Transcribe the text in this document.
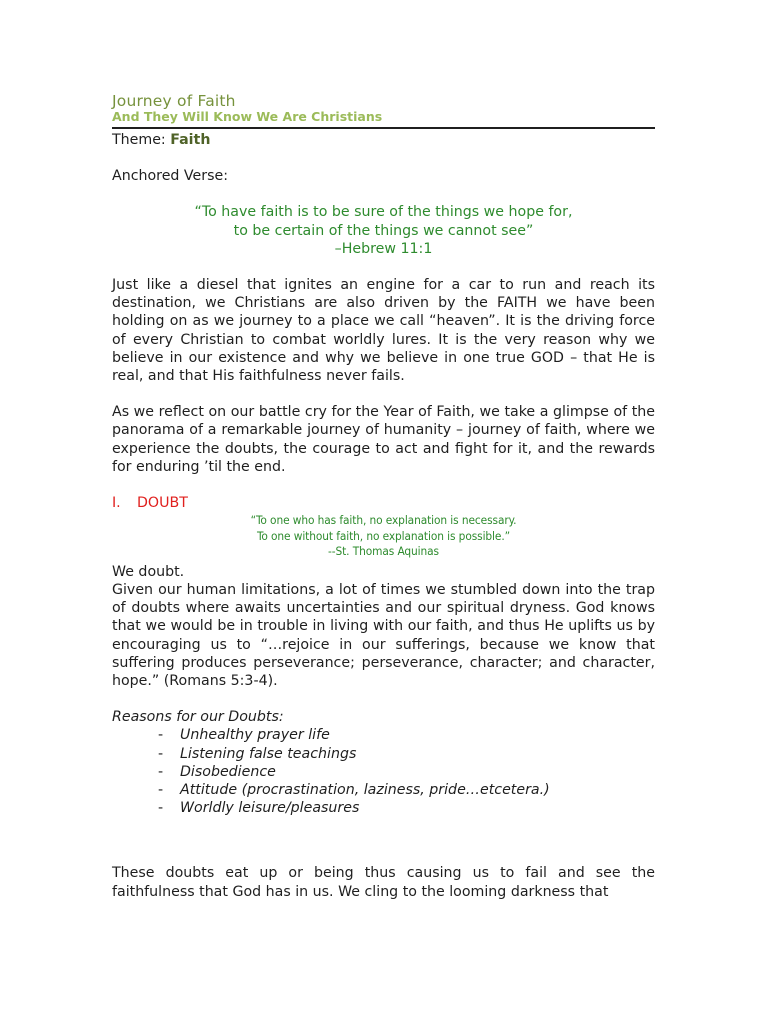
Journey of Faith
And They Will Know We Are Christians
Theme: Faith

Anchored Verse:

“To have faith is to be sure of the things we hope for,
to be certain of the things we cannot see”
–Hebrew 11:1

Just like a diesel that ignites an engine for a car to run and reach its destination, we Christians are also driven by the FAITH we have been holding on as we journey to a place we call “heaven”. It is the driving force of every Christian to combat worldly lures. It is the very reason why we believe in our existence and why we believe in one true GOD – that He is real, and that His faithfulness never fails.

As we reflect on our battle cry for the Year of Faith, we take a glimpse of the panorama of a remarkable journey of humanity – journey of faith, where we experience the doubts, the courage to act and fight for it, and the rewards for enduring ’til the end.

I. DOUBT
“To one who has faith, no explanation is necessary.
To one without faith, no explanation is possible.”
--St. Thomas Aquinas

We doubt.

Given our human limitations, a lot of times we stumbled down into the trap of doubts where awaits uncertainties and our spiritual dryness. God knows that we would be in trouble in living with our faith, and thus He uplifts us by encouraging us to “…rejoice in our sufferings, because we know that suffering produces perseverance; perseverance, character; and character, hope.” (Romans 5:3-4).

Reasons for our Doubts:

- Unhealthy prayer life
- Listening false teachings
- Disobedience
- Attitude (procrastination, laziness, pride…etcetera.)
- Worldly leisure/pleasures

These doubts eat up or being thus causing us to fail and see the faithfulness that God has in us. We cling to the looming darkness that
